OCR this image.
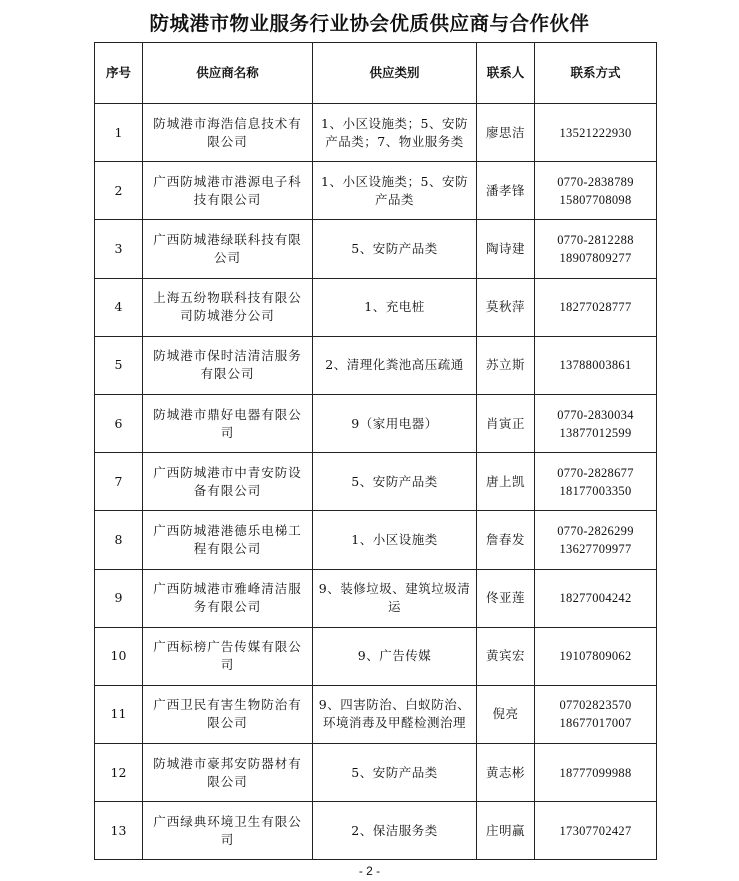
防城港市物业服务行业协会优质供应商与合作伙伴
序号	供应商名称	供应类别	联系人	联系方式
1	防城港市海浩信息技术有限公司	1、小区设施类；5、安防产品类；7、物业服务类	廖思洁	13521222930

2	广西防城港市港源电子科技有限公司	1、小区设施类；5、安防产品类	潘孝锋	0770-2838789
15807708098

3	广西防城港绿联科技有限公司	5、安防产品类	陶诗建	0770-2812288
18907809277

4	上海五纷物联科技有限公司防城港分公司	1、充电桩	莫秋萍	18277028777

5	防城港市保时洁清洁服务有限公司	2、清理化粪池高压疏通	苏立斯	13788003861

6	防城港市鼎好电器有限公司	9（家用电器）	肖寅正	0770-2830034
13877012599

7	广西防城港市中青安防设备有限公司	5、安防产品类	唐上凯	0770-2828677
18177003350

8	广西防城港港德乐电梯工程有限公司	1、小区设施类	詹春发	0770-2826299
13627709977

9	广西防城港市雅峰清洁服务有限公司	9、装修垃圾、建筑垃圾清运	佟亚莲	18277004242

10	广西标榜广告传媒有限公司	9、广告传媒	黄宾宏	19107809062

11	广西卫民有害生物防治有限公司	9、四害防治、白蚁防治、环境消毒及甲醛检测治理	倪亮	07702823570
18677017007

12	防城港市豪邦安防器材有限公司	5、安防产品类	黄志彬	18777099988

13	广西绿典环境卫生有限公司	2、保洁服务类	庄明赢	17307702427
- 2 -
